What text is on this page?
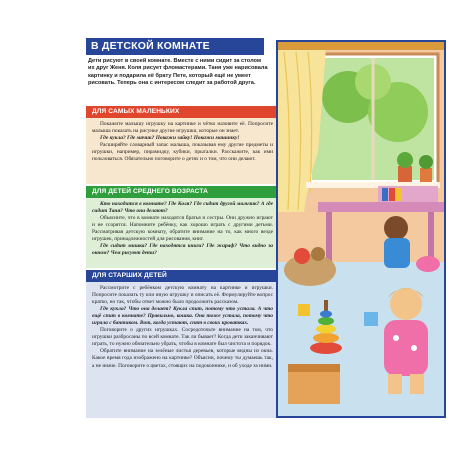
В ДЕТСКОЙ КОМНАТЕ

Дети рисуют в своей комнате. Вместе с ними сидит за столом их друг Женя. Коля рисует фломастерами. Таня уже нарисовала картинку и подарила её брату Пете, который ещё не умеет рисовать. Теперь она с интересом следит за работой друга.

ДЛЯ САМЫХ МАЛЕНЬКИХ

Покажите малышу игрушку на картинке и чётко назовите её. Попросите малыша показать на рисунке другие игрушки, которые он знает.

Где кукла? Где мячик? Покажи зайку! Покажи машинку!

Расширяйте словарный запас малыша, показывая ему другие предметы и игрушки, например, пирамидку, кубики, прыгалки. Расскажите, как ими пользоваться. Обязательно поговорите о детях и о том, что они делают.

ДЛЯ ДЕТЕЙ СРЕДНЕГО ВОЗРАСТА

Кто находится в комнате? Где Коля? Где сидит другой мальчик? А где сидит Таня? Что они делают?

Объясните, что в комнате находятся братья и сестры. Они дружно играют и не ссорятся. Напомните ребёнку, как хорошо играть с другими детьми. Рассматривая детскую комнату, обратите внимание на то, как много везде игрушек, принадлежностей для рисования, книг.

Где сидит мишка? Где находятся книги? Где жираф? Что видно за окном? Чем рисуют дети?

ДЛЯ СТАРШИХ ДЕТЕЙ

Рассмотрите с ребёнком детскую комнату на картинке и игрушки. Попросите показать ту или иную игрушку и описать её. Формулируйте вопрос кратко, но так, чтобы ответ можно было продолжить рассказом.

Где кукла? Что она делает? Кукла спит, потому что устала. А что ещё спит в комнате? Правильно, кошка. Она тоже устала, потому что играла с бантиком. Вот, когда устают, спят в своих кроватках.

Поговорите о других игрушках. Сосредоточьте внимание на том, что игрушки разбросаны по всей комнате. Так ли бывает? Когда дети заканчивают играть, то нужно обязательно убрать, чтобы в комнате был чистота и порядок.

Обратите внимание на зелёные листья деревьев, которые видны из окна. Какое время года изображено на картинке? Объясни, почему ты думаешь так, а не иначе. Поговорите о цветах, стоящих на подоконнике, и об уходе за ними.
